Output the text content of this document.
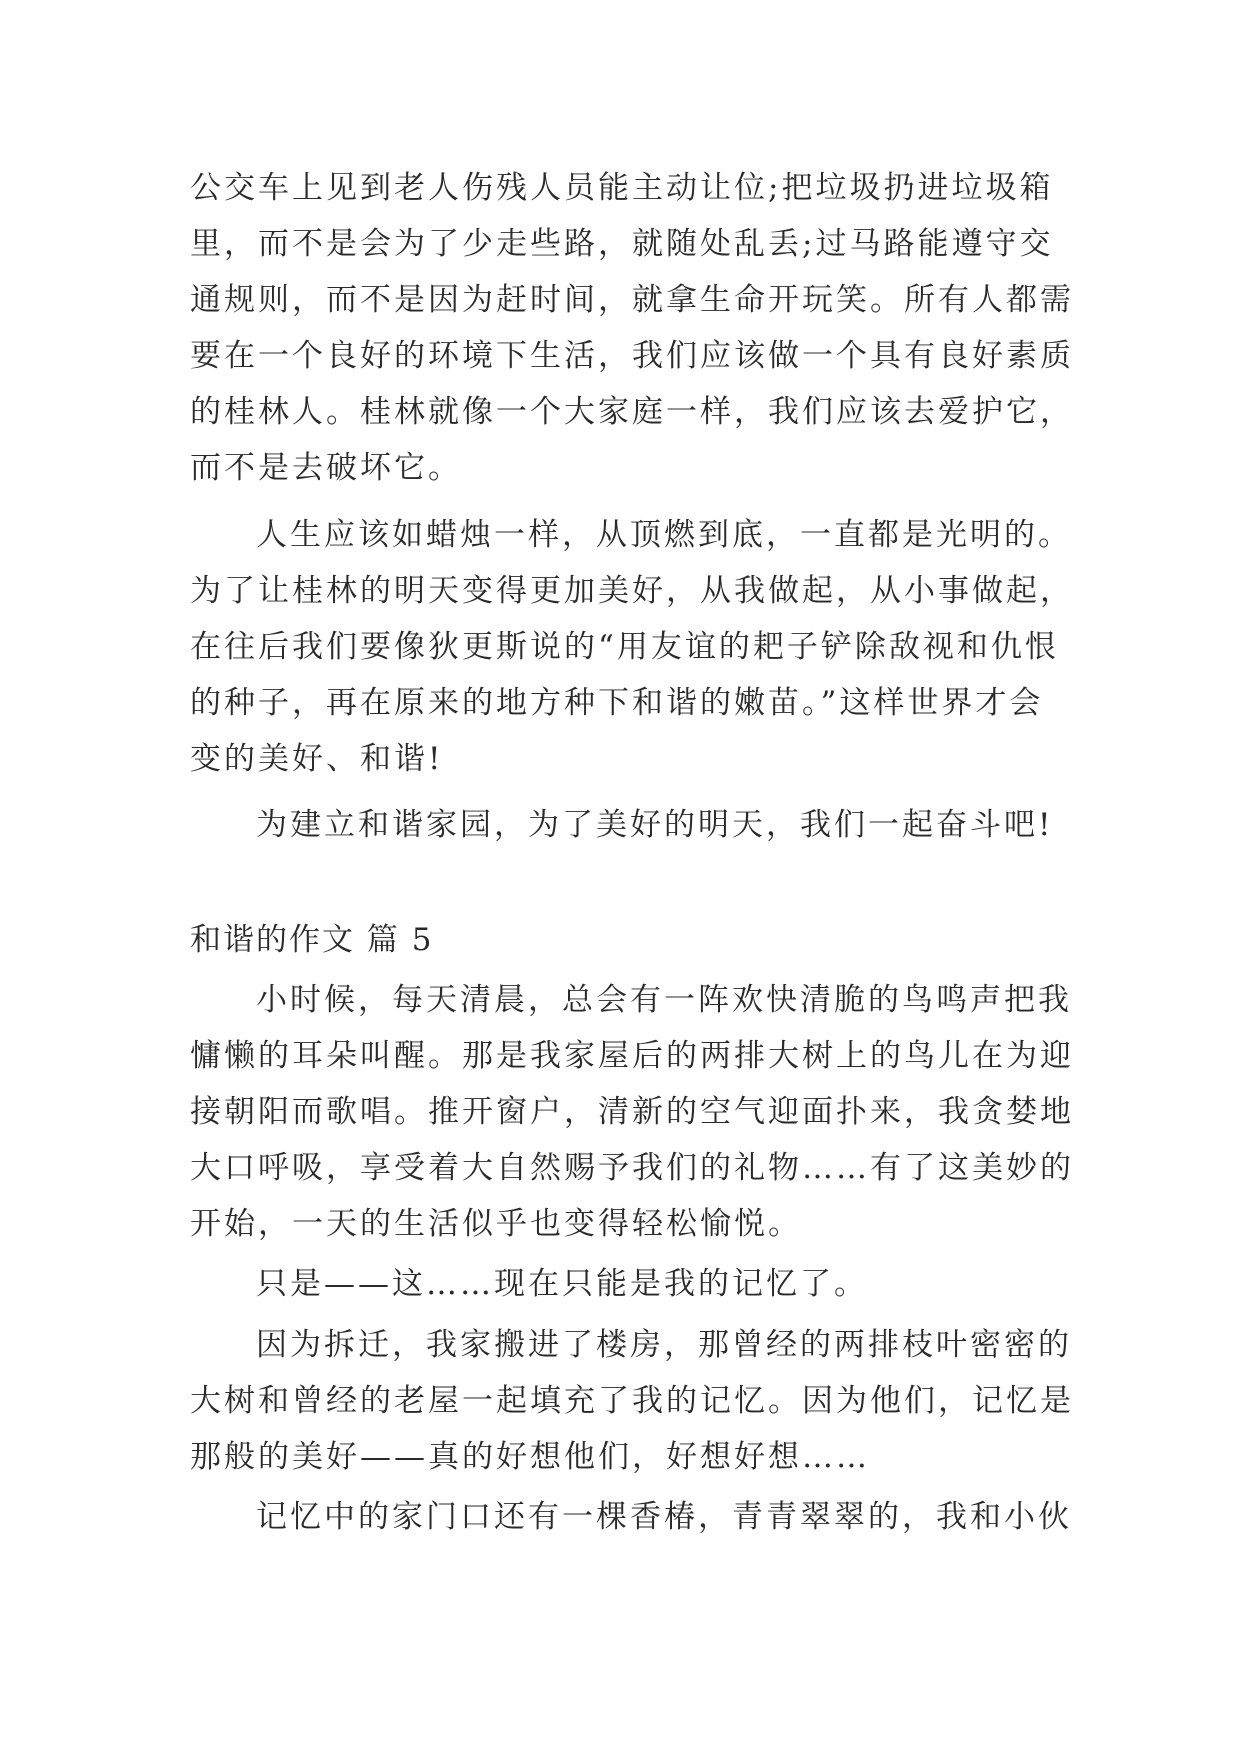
公交车上见到老人伤残人员能主动让位;把垃圾扔进垃圾箱
里，而不是会为了少走些路，就随处乱丢;过马路能遵守交
通规则，而不是因为赶时间，就拿生命开玩笑。所有人都需
要在一个良好的环境下生活，我们应该做一个具有良好素质
的桂林人。桂林就像一个大家庭一样，我们应该去爱护它，
而不是去破坏它。
人生应该如蜡烛一样，从顶燃到底，一直都是光明的。
为了让桂林的明天变得更加美好，从我做起，从小事做起，
在往后我们要像狄更斯说的“用友谊的耙子铲除敌视和仇恨
的种子，再在原来的地方种下和谐的嫩苗。”这样世界才会
变的美好、和谐!
为建立和谐家园，为了美好的明天，我们一起奋斗吧!
和谐的作文 篇 5
小时候，每天清晨，总会有一阵欢快清脆的鸟鸣声把我
慵懒的耳朵叫醒。那是我家屋后的两排大树上的鸟儿在为迎
接朝阳而歌唱。推开窗户，清新的空气迎面扑来，我贪婪地
大口呼吸，享受着大自然赐予我们的礼物……有了这美妙的
开始，一天的生活似乎也变得轻松愉悦。
只是——这……现在只能是我的记忆了。
因为拆迁，我家搬进了楼房，那曾经的两排枝叶密密的
大树和曾经的老屋一起填充了我的记忆。因为他们，记忆是
那般的美好——真的好想他们，好想好想……
记忆中的家门口还有一棵香椿，青青翠翠的，我和小伙
